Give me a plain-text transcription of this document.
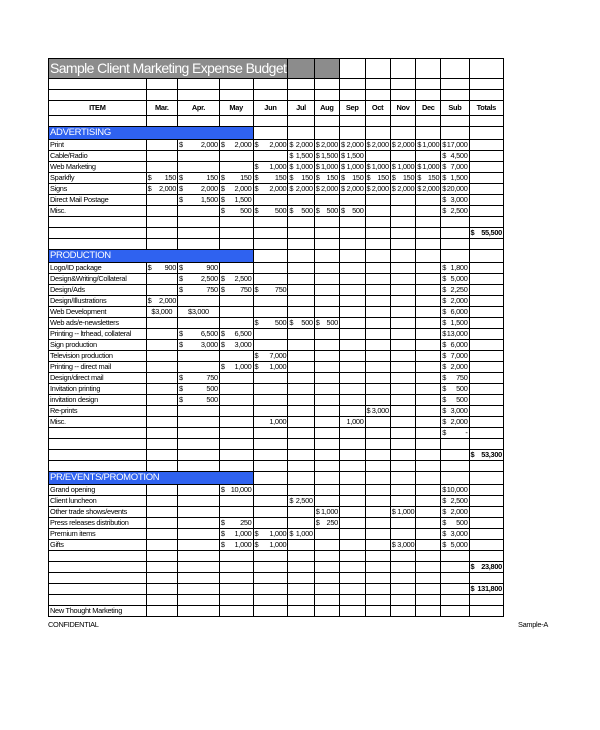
Sample Client Marketing Expense Budget												

ITEM	Mar.	Apr.	May	Jun	Jul	Aug	Sep	Oct	Nov	Dec	Sub	Totals

ADVERTISING												
Print		$ 2,000	$ 2,000	$ 2,000	$ 2,000	$ 2,000	$ 2,000	$ 2,000	$ 2,000	$ 1,000	$ 17,000	

Cable/Radio					$ 1,500	$ 1,500	$ 1,500				$ 4,500	

Web Marketing				$ 1,000	$ 1,000	$ 1,000	$ 1,000	$ 1,000	$ 1,000	$ 1,000	$ 7,000	

Sparkfly	$ 150	$ 150	$ 150	$ 150	$ 150	$ 150	$ 150	$ 150	$ 150	$ 150	$ 1,500	

Signs	$ 2,000	$ 2,000	$ 2,000	$ 2,000	$ 2,000	$ 2,000	$ 2,000	$ 2,000	$ 2,000	$ 2,000	$ 20,000	

Direct Mail Postage		$ 1,500	$ 1,500								$ 3,000	

Misc.			$ 500	$ 500	$ 500	$ 500	$ 500				$ 2,500	

												$ 55,500

PRODUCTION												
Logo/ID package	$ 900	$ 900									$ 1,800	

Design&Writing/Collateral		$ 2,500	$ 2,500								$ 5,000	

Design/Ads		$ 750	$ 750	$ 750							$ 2,250	

Design/Illustrations	$ 2,000										$ 2,000	

Web Development	$3,000	$3,000									$ 6,000	

Web ads/e-newsletters				$ 500	$ 500	$ 500					$ 1,500	

Printing -- ltrhead, collateral		$ 6,500	$ 6,500								$ 13,000	

Sign production		$ 3,000	$ 3,000								$ 6,000	

Television production				$ 7,000							$ 7,000	

Printing -- direct mail			$ 1,000	$ 1,000							$ 2,000	

Design/direct mail		$ 750									$ 750	

Invitation printing		$ 500									$ 500	

invitation design		$ 500									$ 500	

Re-prints								$ 3,000			$ 3,000	

Misc.				1,000			1,000				$ 2,000	

											$ -	

												$ 53,300

PR/EVENTS/PROMOTION												
Grand opening			$ 10,000								$ 10,000	

Client luncheon					$ 2,500						$ 2,500	

Other trade shows/events						$ 1,000			$ 1,000		$ 2,000	

Press releases distribution			$ 250			$ 250					$ 500	

Premium items			$ 1,000	$ 1,000	$ 1,000						$ 3,000	

Gifts			$ 1,000	$ 1,000					$ 3,000		$ 5,000	

												$ 23,800

												$ 131,800

New Thought Marketing												
CONFIDENTIAL	Sample-A
